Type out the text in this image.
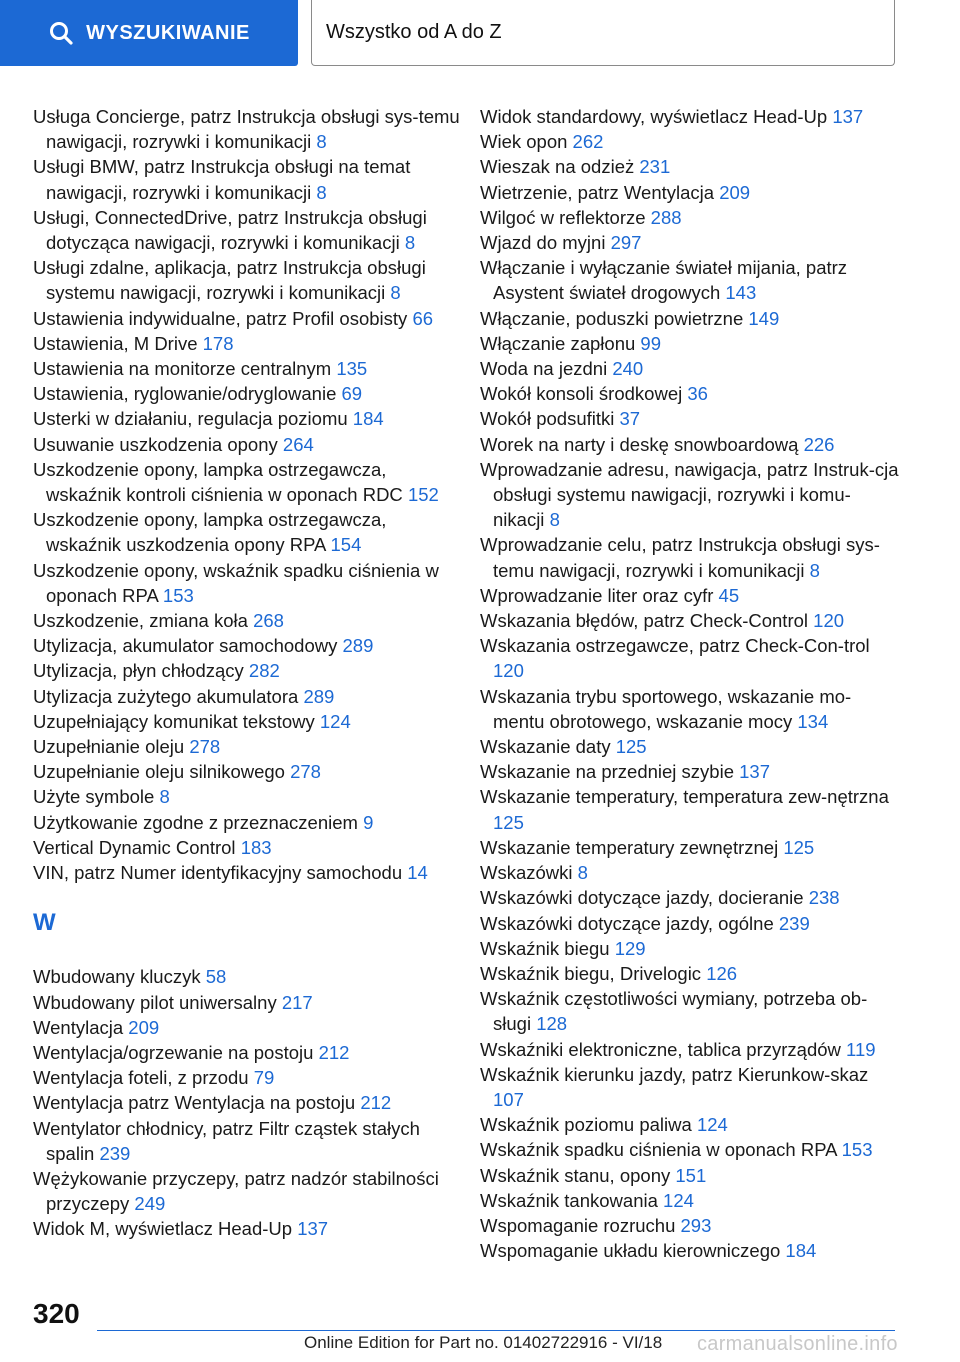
WYSZUKIWANIE	Wszystko od A do Z
Usługa Concierge, patrz Instrukcja obsługi sys-temu nawigacji, rozrywki i komunikacji 8
Usługi BMW, patrz Instrukcja obsługi na temat nawigacji, rozrywki i komunikacji 8
Usługi, ConnectedDrive, patrz Instrukcja obsługi dotycząca nawigacji, rozrywki i komunikacji 8
Usługi zdalne, aplikacja, patrz Instrukcja obsługi systemu nawigacji, rozrywki i komunikacji 8
Ustawienia indywidualne, patrz Profil osobisty 66
Ustawienia, M Drive 178
Ustawienia na monitorze centralnym 135
Ustawienia, ryglowanie/odryglowanie 69
Usterki w działaniu, regulacja poziomu 184
Usuwanie uszkodzenia opony 264
Uszkodzenie opony, lampka ostrzegawcza, wskaźnik kontroli ciśnienia w oponach RDC 152
Uszkodzenie opony, lampka ostrzegawcza, wskaźnik uszkodzenia opony RPA 154
Uszkodzenie opony, wskaźnik spadku ciśnienia w oponach RPA 153
Uszkodzenie, zmiana koła 268
Utylizacja, akumulator samochodowy 289
Utylizacja, płyn chłodzący 282
Utylizacja zużytego akumulatora 289
Uzupełniający komunikat tekstowy 124
Uzupełnianie oleju 278
Uzupełnianie oleju silnikowego 278
Użyte symbole 8
Użytkowanie zgodne z przeznaczeniem 9
Vertical Dynamic Control 183
VIN, patrz Numer identyfikacyjny samochodu 14
W
Wbudowany kluczyk 58
Wbudowany pilot uniwersalny 217
Wentylacja 209
Wentylacja/ogrzewanie na postoju 212
Wentylacja foteli, z przodu 79
Wentylacja patrz Wentylacja na postoju 212
Wentylator chłodnicy, patrz Filtr cząstek stałych spalin 239
Wężykowanie przyczepy, patrz nadzór stabilności przyczepy 249
Widok M, wyświetlacz Head-Up 137
Widok standardowy, wyświetlacz Head-Up 137
Wiek opon 262
Wieszak na odzież 231
Wietrzenie, patrz Wentylacja 209
Wilgoć w reflektorze 288
Wjazd do myjni 297
Włączanie i wyłączanie świateł mijania, patrz Asystent świateł drogowych 143
Włączanie, poduszki powietrzne 149
Włączanie zapłonu 99
Woda na jezdni 240
Wokół konsoli środkowej 36
Wokół podsufitki 37
Worek na narty i deskę snowboardową 226
Wprowadzanie adresu, nawigacja, patrz Instruk-cja obsługi systemu nawigacji, rozrywki i komu-nikacji 8
Wprowadzanie celu, patrz Instrukcja obsługi sys-temu nawigacji, rozrywki i komunikacji 8
Wprowadzanie liter oraz cyfr 45
Wskazania błędów, patrz Check-Control 120
Wskazania ostrzegawcze, patrz Check-Con-trol 120
Wskazania trybu sportowego, wskazanie mo-mentu obrotowego, wskazanie mocy 134
Wskazanie daty 125
Wskazanie na przedniej szybie 137
Wskazanie temperatury, temperatura zew-nętrzna 125
Wskazanie temperatury zewnętrznej 125
Wskazówki 8
Wskazówki dotyczące jazdy, docieranie 238
Wskazówki dotyczące jazdy, ogólne 239
Wskaźnik biegu 129
Wskaźnik biegu, Drivelogic 126
Wskaźnik częstotliwości wymiany, potrzeba ob-sługi 128
Wskaźniki elektroniczne, tablica przyrządów 119
Wskaźnik kierunku jazdy, patrz Kierunkow-skaz 107
Wskaźnik poziomu paliwa 124
Wskaźnik spadku ciśnienia w oponach RPA 153
Wskaźnik stanu, opony 151
Wskaźnik tankowania 124
Wspomaganie rozruchu 293
Wspomaganie układu kierowniczego 184
320
Online Edition for Part no. 01402722916 - VI/18 carmanualsonline.info
